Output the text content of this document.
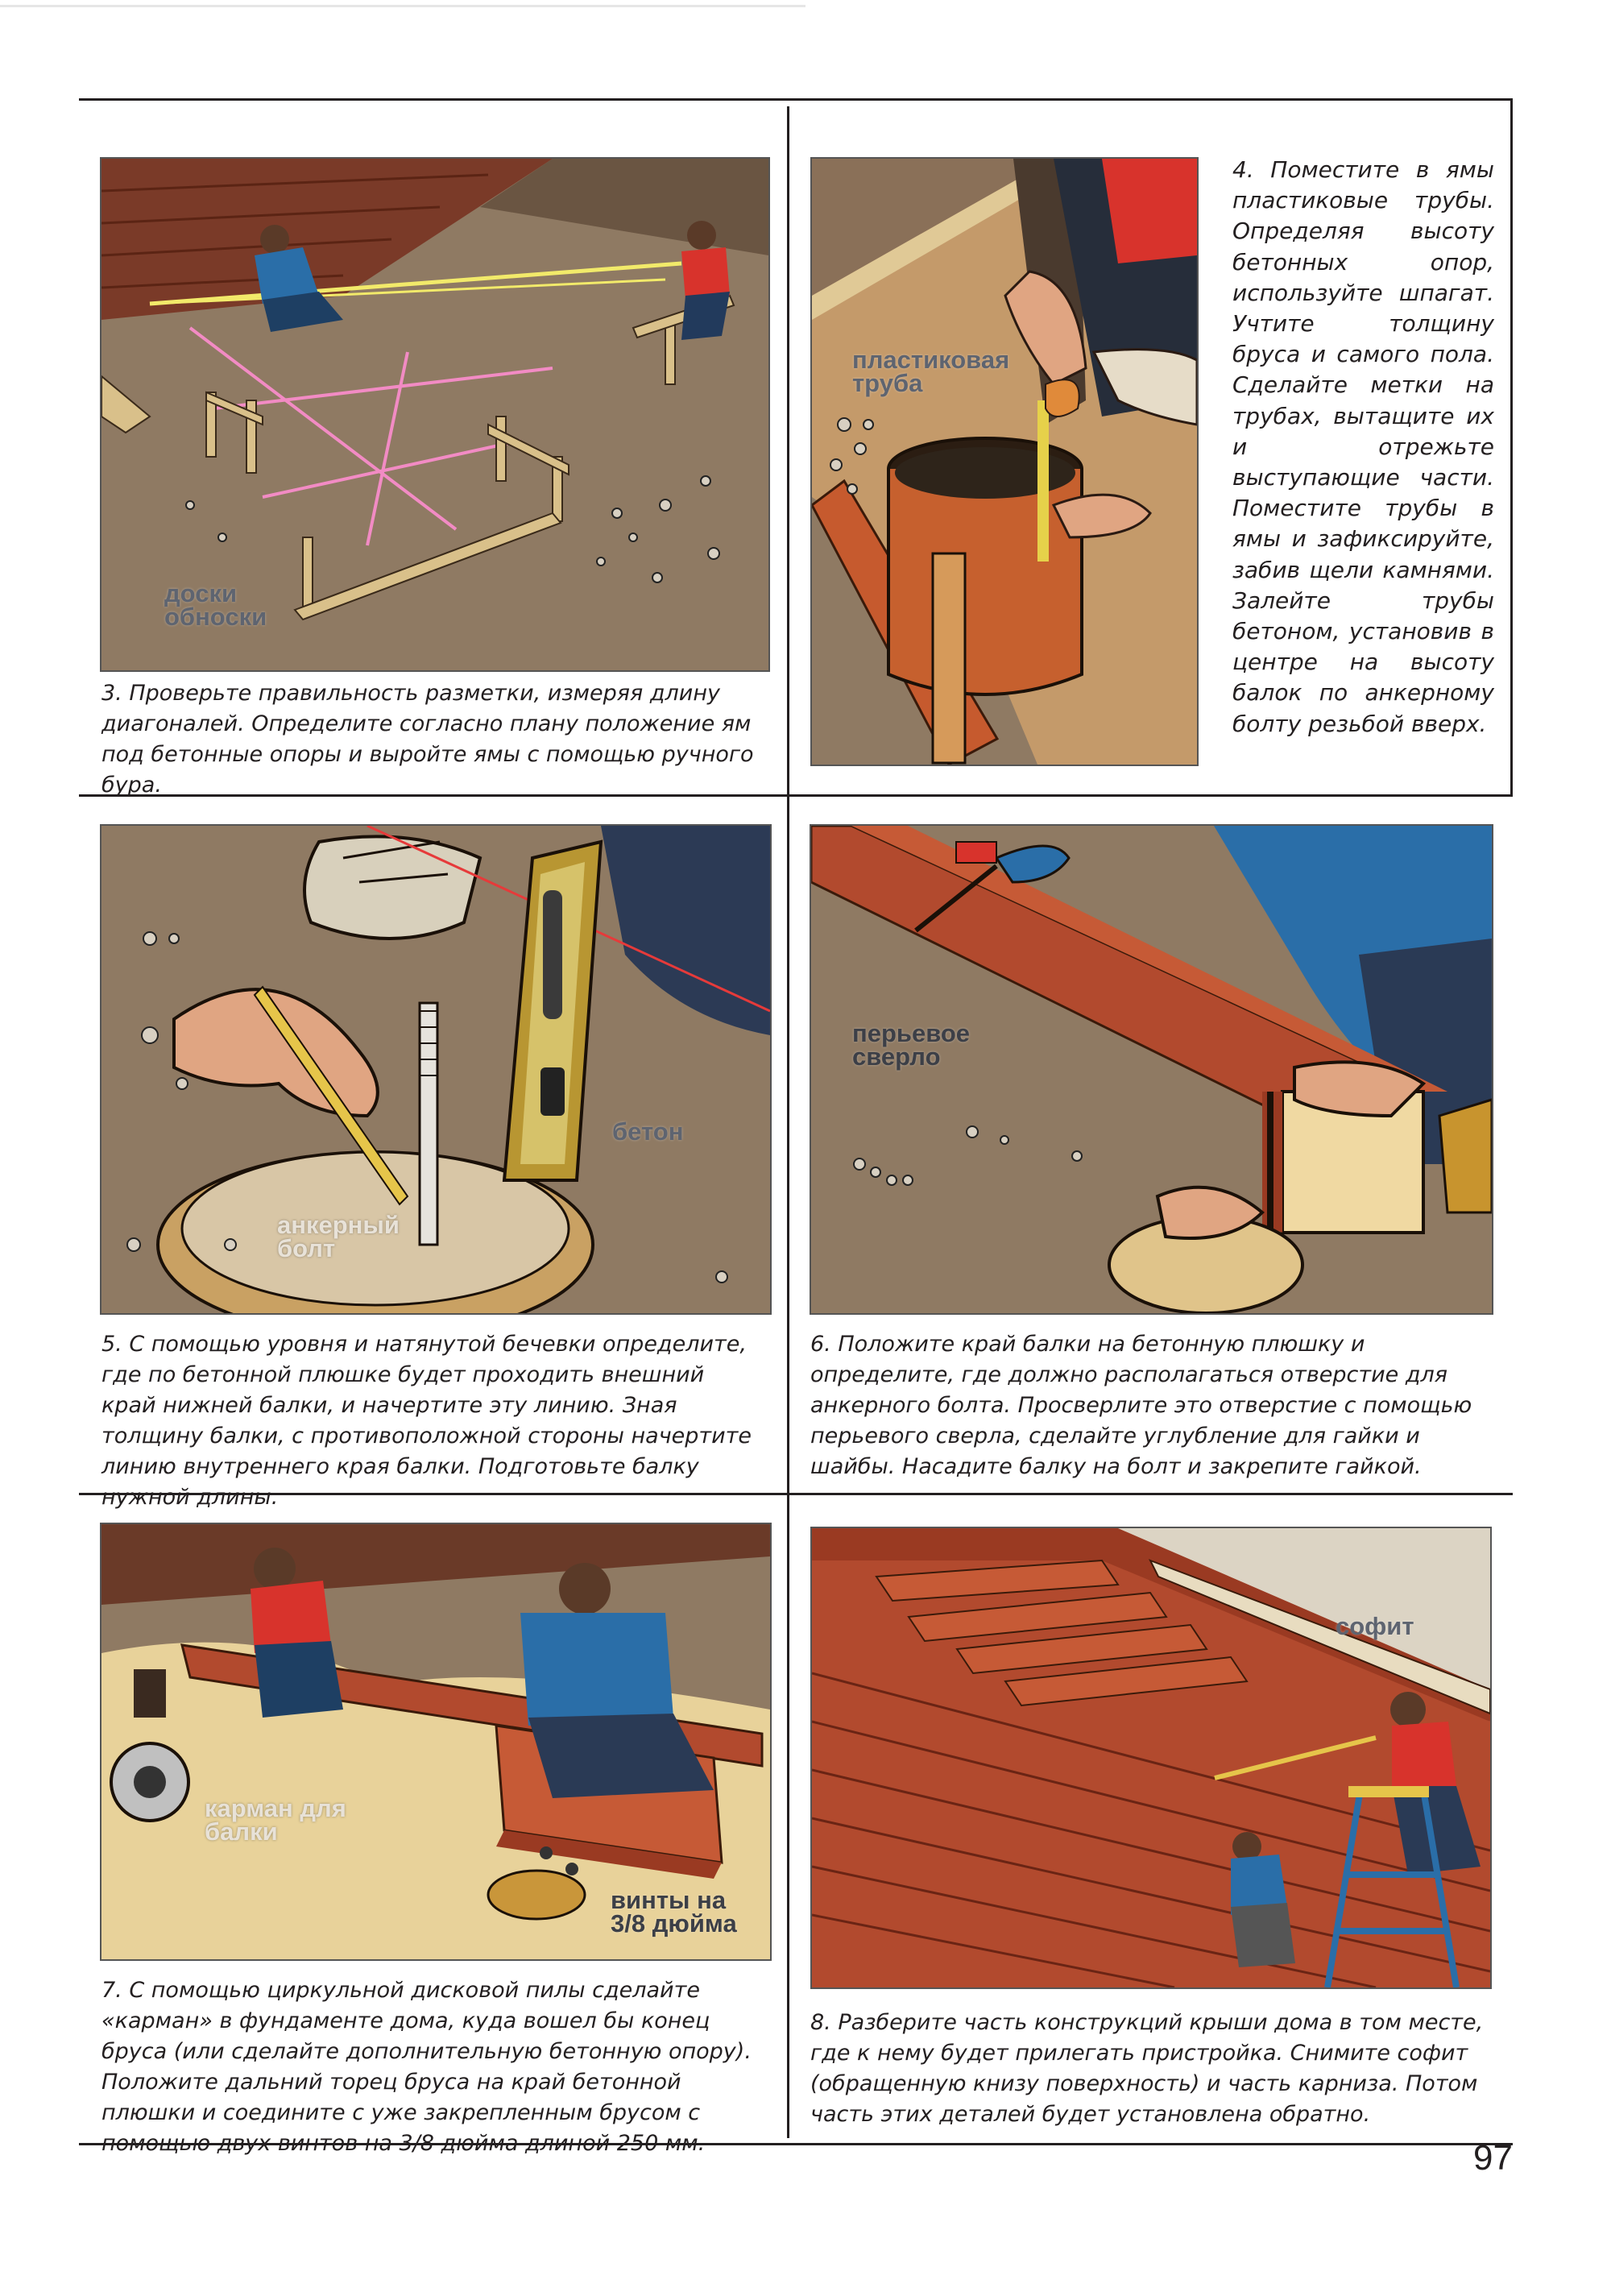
доски обноски

3. Проверьте правильность разметки, измеряя длину диагоналей. Определите согласно плану положение ям под бетонные опоры и выройте ямы с помощью ручного бура.

пластиковая труба

4. Поместите в ямы пластиковые трубы. Определяя высоту бетонных опор, используйте шпагат. Учтите толщину бруса и самого пола. Сделайте метки на трубах, вытащите их и отрежьте выступающие части. Поместите трубы в ямы и зафиксируйте, забив щели камнями. Залейте трубы бетоном, установив в центре на высоту балок по анкерному болту резьбой вверх.

бетон
анкерный болт

5. С помощью уровня и натянутой бечевки определите, где по бетонной плюшке будет проходить внешний край нижней балки, и начертите эту линию. Зная толщину балки, с противоположной стороны начертите линию внутреннего края балки. Подготовьте балку нужной длины.

перьевое сверло

6. Положите край балки на бетонную плюшку и определите, где должно располагаться отверстие для анкерного болта. Просверлите это отверстие с помощью перьевого сверла, сделайте углубление для гайки и шайбы. Насадите балку на болт и закрепите гайкой.

карман для балки
винты на 3/8 дюйма

7. С помощью циркульной дисковой пилы сделайте «карман» в фундаменте дома, куда вошел бы конец бруса (или сделайте дополнительную бетонную опору). Положите дальний торец бруса на край бетонной плюшки и соедините с уже закрепленным брусом с помощью двух винтов на 3/8 дюйма длиной 250 мм.

софит

8. Разберите часть конструкций крыши дома в том месте, где к нему будет прилегать пристройка. Снимите софит (обращенную книзу поверхность) и часть карниза. Потом часть этих деталей будет установлена обратно.

97
